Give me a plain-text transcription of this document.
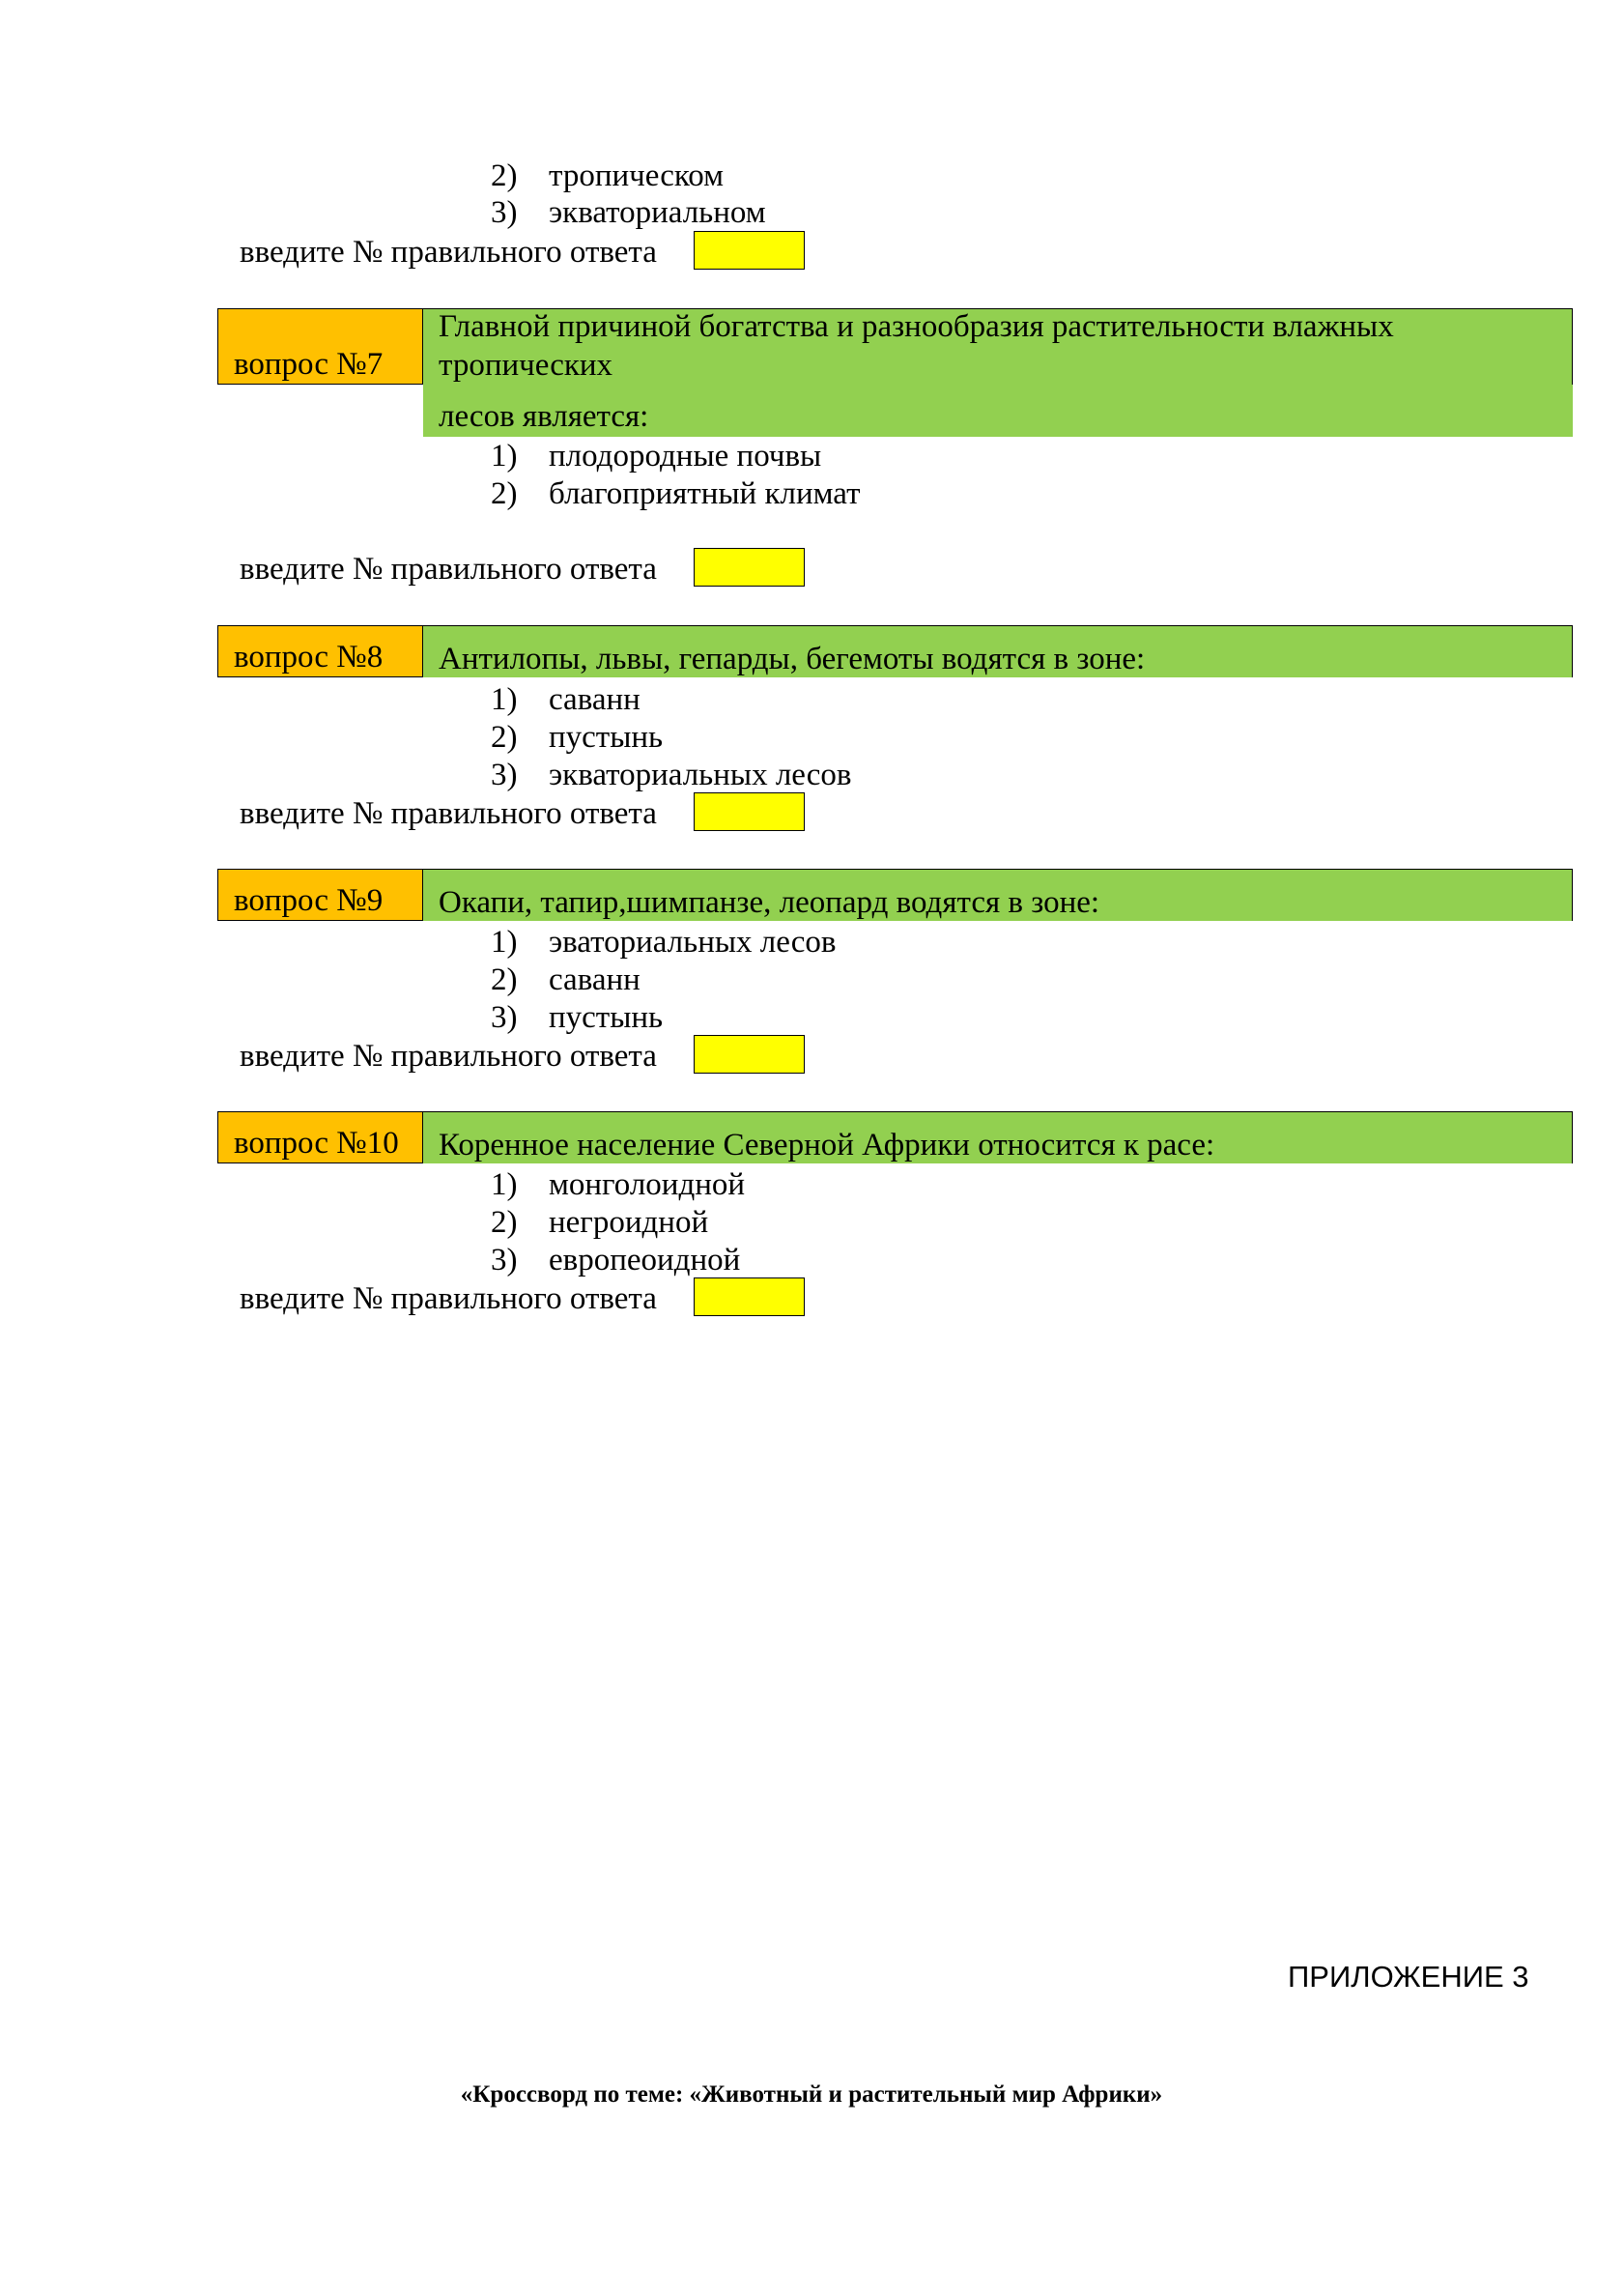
2) тропическом
3) экваториальном
введите № правильного ответа
вопрос №7
Главной причиной богатства и разнообразия растительности влажных
тропических
лесов является:
1) плодородные почвы
2) благоприятный климат
введите № правильного ответа
вопрос №8 Антилопы, львы, гепарды, бегемоты водятся в зоне:
1) саванн
2) пустынь
3) экваториальных лесов
введите № правильного ответа
вопрос №9 Окапи, тапир,шимпанзе, леопард водятся в зоне:
1) эваториальных лесов
2) саванн
3) пустынь
введите № правильного ответа
вопрос №10 Коренное население Северной Африки относится к расе:
1) монголоидной
2) негроидной
3) европеоидной
введите № правильного ответа
ПРИЛОЖЕНИЕ 3
«Кроссворд по теме: «Животный и растительный мир Африки»
